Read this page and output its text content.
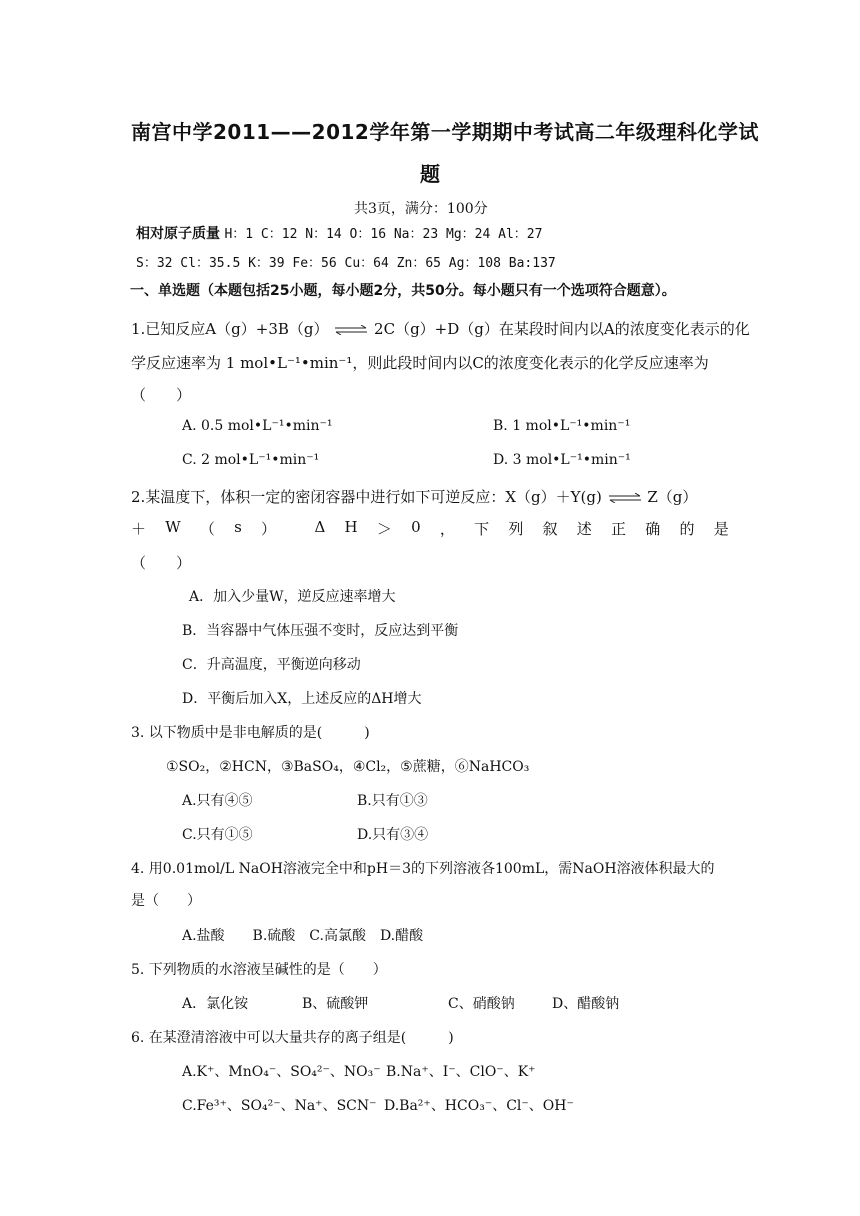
南宫中学2011——2012学年第一学期期中考试高二年级理科化学试
题
共3页，满分：100分
相对原子质量 H：1 C：12 N：14 O：16 Na：23 Mg：24 Al：27
S：32 Cl：35.5 K：39 Fe：56 Cu：64 Zn：65 Ag：108 Ba:137
一、单选题（本题包括25小题，每小题2分，共50分。每小题只有一个选项符合题意）。
1.已知反应A（g）+3B（g） ⇌ 2C（g）+D（g）在某段时间内以A的浓度变化表示的化
学反应速率为 1 mol•L⁻¹•min⁻¹，则此段时间内以C的浓度变化表示的化学反应速率为
（　　）
A. 0.5 mol•L⁻¹•min⁻¹	B. 1 mol•L⁻¹•min⁻¹
C. 2 mol•L⁻¹•min⁻¹	D. 3 mol•L⁻¹•min⁻¹
2.某温度下，体积一定的密闭容器中进行如下可逆反应：X（g）＋Y(g) ⇌ Z（g）
＋ W （ s ）	Δ H ＞ 0 ， 下 列 叙 述 正 确 的 是
（　　）
A．加入少量W，逆反应速率增大
B．当容器中气体压强不变时，反应达到平衡
C．升高温度，平衡逆向移动
D．平衡后加入X，上述反应的ΔH增大
3. 以下物质中是非电解质的是(　　　)
①SO₂，②HCN，③BaSO₄，④Cl₂，⑤蔗糖，⑥NaHCO₃
A.只有④⑤	B.只有①③
C.只有①⑤	D.只有③④
4. 用0.01mol/L NaOH溶液完全中和pH＝3的下列溶液各100mL，需NaOH溶液体积最大的
是（　　）
A.盐酸　　B.硫酸　C.高氯酸　D.醋酸
5. 下列物质的水溶液呈碱性的是（　　）
A．氯化铵	B、硫酸钾	C、硝酸钠	D、醋酸钠
6. 在某澄清溶液中可以大量共存的离子组是(　　　)
A.K⁺、MnO₄⁻、SO₄²⁻、NO₃⁻ B.Na⁺、I⁻、ClO⁻、K⁺
C.Fe³⁺、SO₄²⁻、Na⁺、SCN⁻ D.Ba²⁺、HCO₃⁻、Cl⁻、OH⁻
